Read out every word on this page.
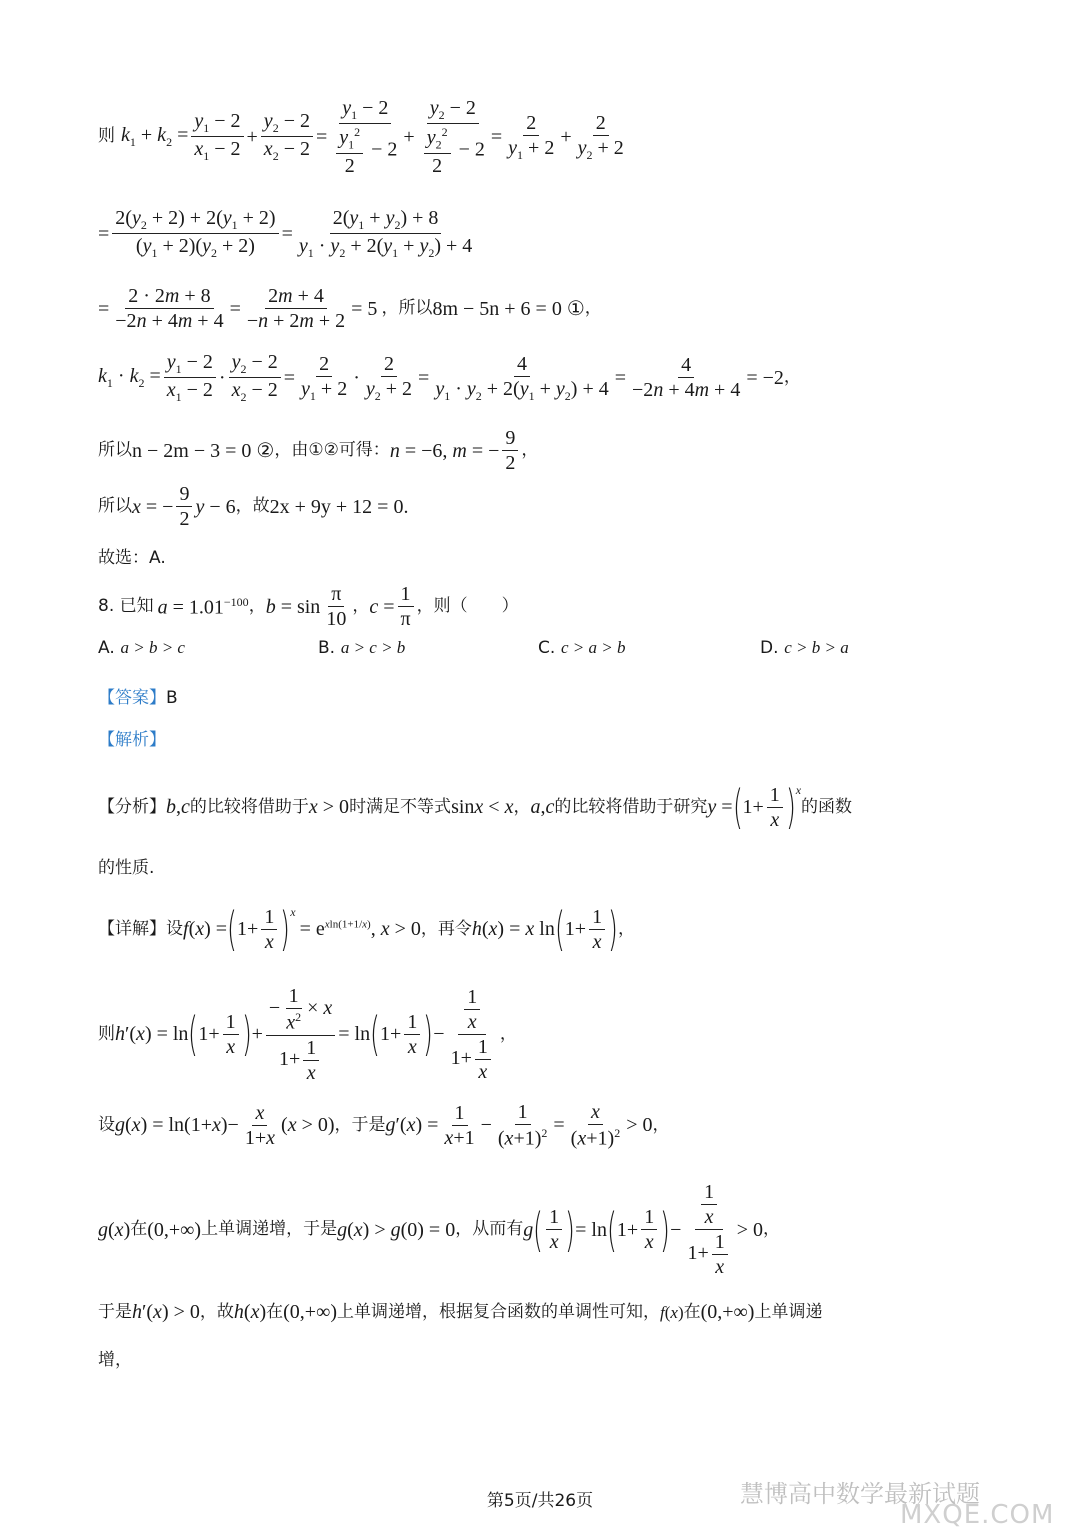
则 $k_1 + k_2 = \frac{y_1 - 2}{x_1 - 2} + \frac{y_2 - 2}{x_2 - 2} = \frac{y_1 - 2}{\frac{y_1^2}{2} - 2} + \frac{y_2 - 2}{\frac{y_2^2}{2} - 2} = \frac{2}{y_1 + 2} + \frac{2}{y_2 + 2}$
= $\frac{2(y_2 + 2) + 2(y_1 + 2)}{(y_1 + 2)(y_2 + 2)} = \frac{2(y_1 + y_2) + 8}{y_1 \cdot y_2 + 2(y_1 + y_2) + 4}$
= $\frac{2 \cdot 2m + 8}{-2n + 4m + 4} = \frac{2m + 4}{-n + 2m + 2} = 5$ ， 所以 8m − 5n + 6 = 0 ① ，
$k_1 \cdot k_2 = \frac{y_1 - 2}{x_1 - 2} \cdot \frac{y_2 - 2}{x_2 - 2} = \frac{2}{y_1 + 2} \cdot \frac{2}{y_2 + 2} = \frac{4}{y_1 \cdot y_2 + 2(y_1 + y_2) + 4} = \frac{4}{-2n + 4m + 4} = -2$ ，
所以 n − 2m − 3 = 0 ② ，由 ①② 可得： n = −6, m = − $\frac{9}{2}$ ，
所以 x = − $\frac{9}{2}$ y − 6 ，故 2x + 9y + 12 = 0 .
故选：A.
8. 已知 $a = 1.01^{-100}$ ， $b = \sin \frac{\pi}{10}$ ， $c = \frac{1}{\pi}$ ，则（　　）
A. a > b > c	B. a > c > b	C. c > a > b	D. c > b > a
【答案】 B
【解析】
【分析】 b , c 的比较将借助于 x > 0 时满足不等式 sinx < x ， a , c 的比较将借助于研究 y = ( $1+ \frac{1}{x} )^x$
的函数
的性质.
【详解】 设 f(x) = ( $1+ \frac{1}{x} )^x$
= $e^{xln(1+1/x)}$, x > 0 ，再令 h(x) = x ln ( $1+ \frac{1}{x}$ ) ，
则 h′(x) = ln ( $1+ \frac{1}{x}$ ) + $\frac{- \frac{1}{x^2} \times x}{1+ \frac{1}{x}} = \ln$ ( $1+ \frac{1}{x}$ ) − $\frac{\frac{1}{x}}{1+ \frac{1}{x}}$ ，
设 $g(x) = \ln(1+x)- \frac{x}{1+x} (x > 0)$ ，于是 $g'(x) = \frac{1}{x+1} - \frac{1}{(x+1)^2} = \frac{x}{(x+1)^2} > 0$ ，
g(x) 在 (0,+∞) 上单调递增，于是 g(x) > g(0) = 0 ，从而有 g ( $\frac{1}{x}$ ) = ln ( $1+ \frac{1}{x}$ ) − $\frac{\frac{1}{x}}{1+ \frac{1}{x}} > 0$ ，
于是 h′(x) > 0 ，故 h(x) 在 (0,+∞) 上单调递增，根据复合函数的单调性可知， f(x) 在 (0,+∞) 上单调递
增，
慧博高中数学最新试题
MXQE.COM
第5页/共26页
